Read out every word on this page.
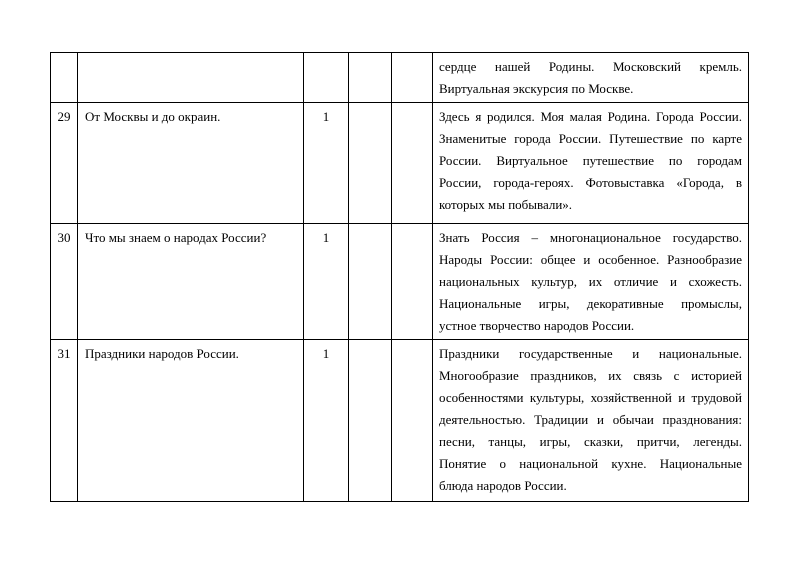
					сердце нашей Родины. Московский кремль.
Виртуальная экскурсия по Москве.

29	От Москвы и до окраин.	1			Здесь я родился. Моя малая Родина. Города России.
Знаменитые города России. Путешествие по карте
России. Виртуальное путешествие по городам
России, города-героях. Фотовыставка «Города, в
которых мы побывали».

30	Что мы знаем о народах России?	1			Знать Россия – многонациональное государство.
Народы России: общее и особенное. Разнообразие
национальных культур, их отличие и схожесть.
Национальные игры, декоративные промыслы,
устное творчество народов России.

31	Праздники народов России.	1			Праздники государственные и национальные.
Многообразие праздников, их связь с историей
особенностями культуры, хозяйственной и трудовой
деятельностью. Традиции и обычаи празднования:
песни, танцы, игры, сказки, притчи, легенды.
Понятие о национальной кухне. Национальные
блюда народов России.
